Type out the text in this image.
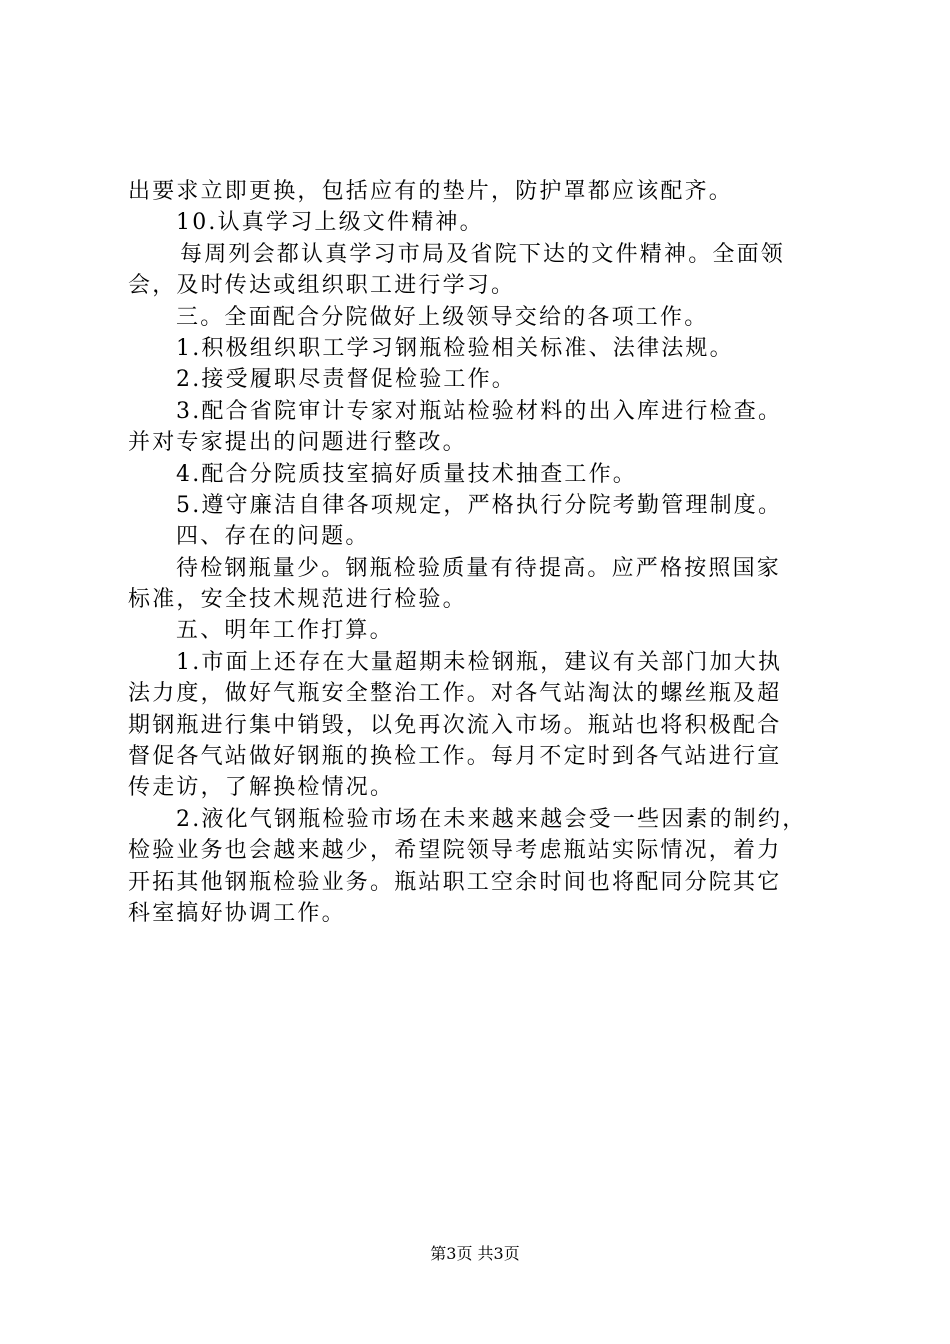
出要求立即更换，包括应有的垫片，防护罩都应该配齐。
10.认真学习上级文件精神。
每周列会都认真学习市局及省院下达的文件精神。全面领
会，及时传达或组织职工进行学习。
三。全面配合分院做好上级领导交给的各项工作。
1.积极组织职工学习钢瓶检验相关标准、法律法规。
2.接受履职尽责督促检验工作。
3.配合省院审计专家对瓶站检验材料的出入库进行检查。
并对专家提出的问题进行整改。
4.配合分院质技室搞好质量技术抽查工作。
5.遵守廉洁自律各项规定，严格执行分院考勤管理制度。
四、存在的问题。
待检钢瓶量少。钢瓶检验质量有待提高。应严格按照国家
标准，安全技术规范进行检验。
五、明年工作打算。
1.市面上还存在大量超期未检钢瓶，建议有关部门加大执
法力度，做好气瓶安全整治工作。对各气站淘汰的螺丝瓶及超
期钢瓶进行集中销毁，以免再次流入市场。瓶站也将积极配合
督促各气站做好钢瓶的换检工作。每月不定时到各气站进行宣
传走访，了解换检情况。
2.液化气钢瓶检验市场在未来越来越会受一些因素的制约，
检验业务也会越来越少，希望院领导考虑瓶站实际情况，着力
开拓其他钢瓶检验业务。瓶站职工空余时间也将配同分院其它
科室搞好协调工作。
第3页 共3页
